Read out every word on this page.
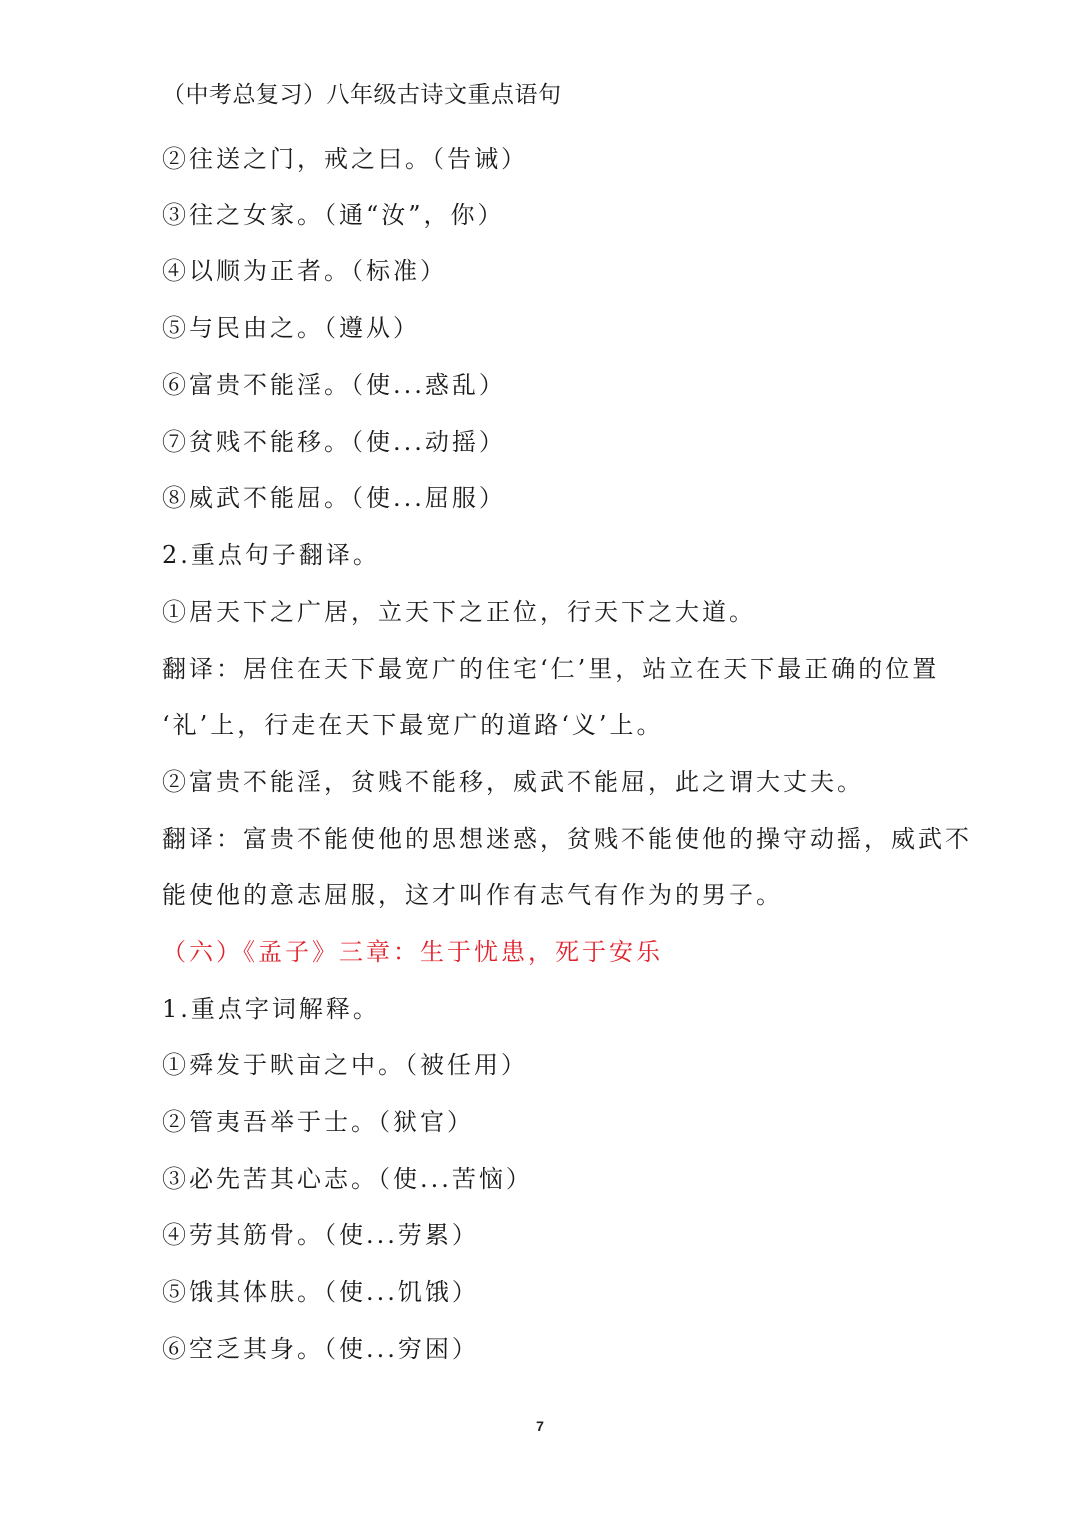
（中考总复习）八年级古诗文重点语句
②往送之门，戒之曰。（告诫）
③往之女家。（通“汝”，你）
④以顺为正者。（标准）
⑤与民由之。（遵从）
⑥富贵不能淫。（使...惑乱）
⑦贫贱不能移。（使...动摇）
⑧威武不能屈。（使...屈服）
2.重点句子翻译。
①居天下之广居，立天下之正位，行天下之大道。
翻译：居住在天下最宽广的住宅‘仁’里，站立在天下最正确的位置
‘礼’上，行走在天下最宽广的道路‘义’上。
②富贵不能淫，贫贱不能移，威武不能屈，此之谓大丈夫。
翻译：富贵不能使他的思想迷惑，贫贱不能使他的操守动摇，威武不
能使他的意志屈服，这才叫作有志气有作为的男子。
（六）《孟子》三章：生于忧患，死于安乐
1.重点字词解释。
①舜发于畎亩之中。（被任用）
②管夷吾举于士。（狱官）
③必先苦其心志。（使...苦恼）
④劳其筋骨。（使...劳累）
⑤饿其体肤。（使...饥饿）
⑥空乏其身。（使...穷困）
7
